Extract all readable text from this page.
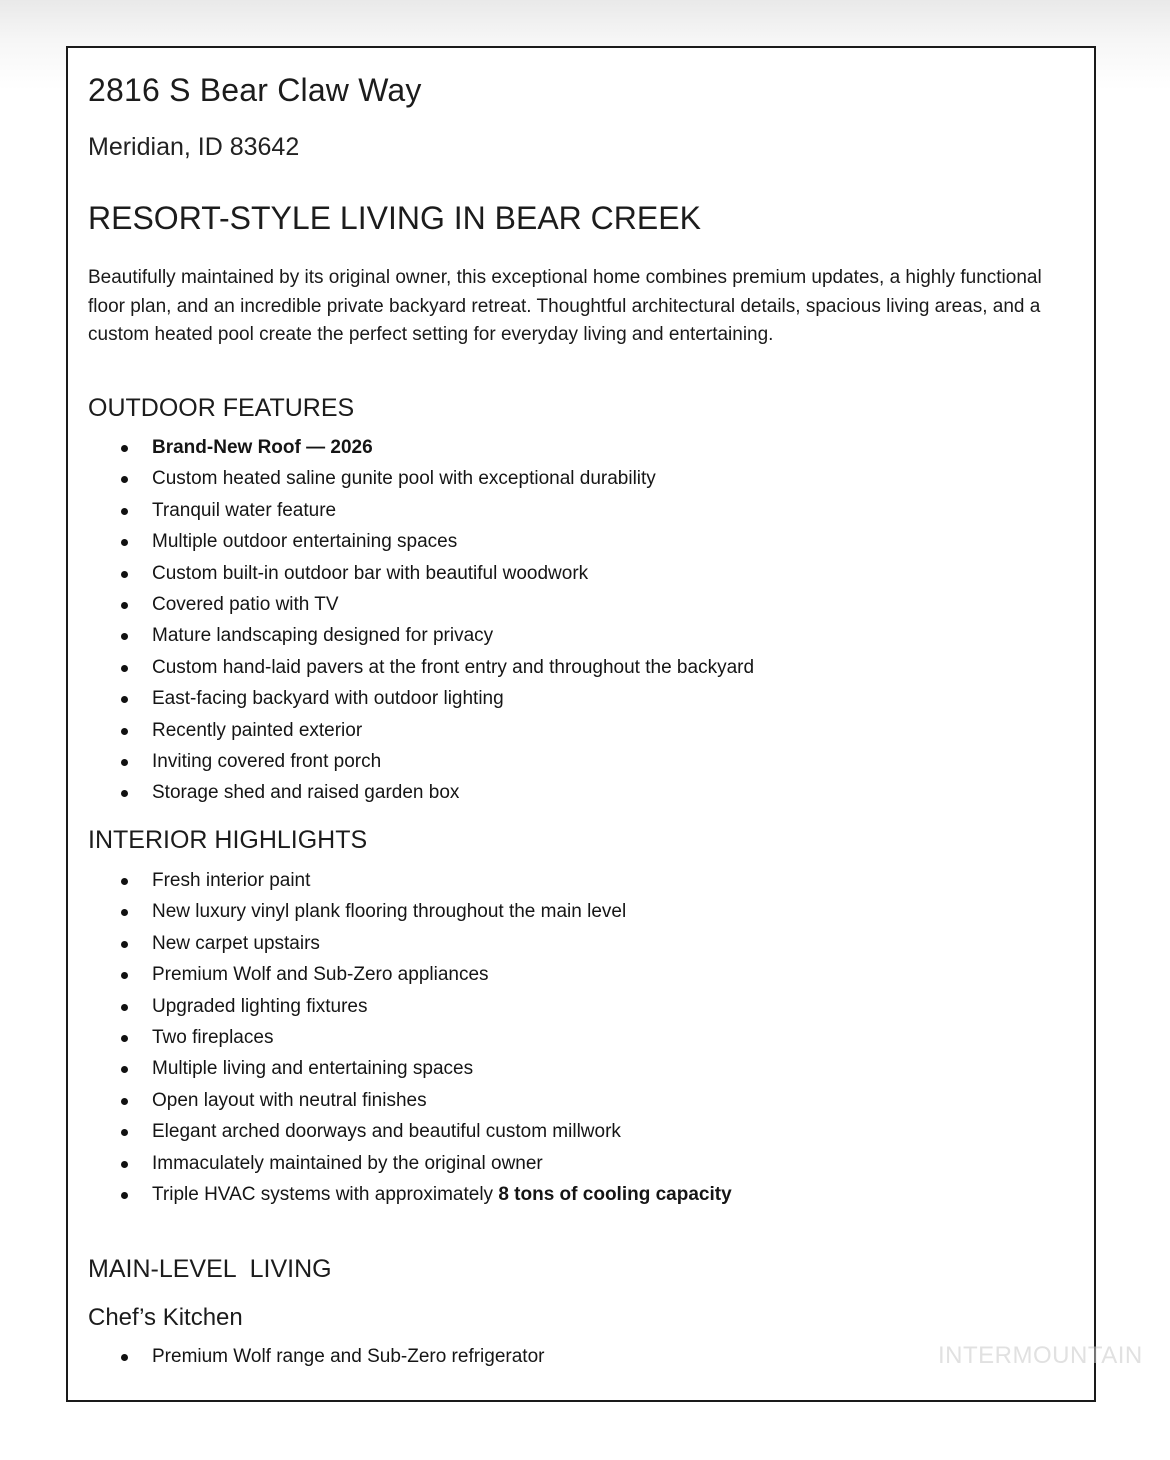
2816 S Bear Claw Way
Meridian, ID 83642
RESORT-STYLE LIVING IN BEAR CREEK
Beautifully maintained by its original owner, this exceptional home combines premium updates, a highly functional floor plan, and an incredible private backyard retreat. Thoughtful architectural details, spacious living areas, and a custom heated pool create the perfect setting for everyday living and entertaining.
OUTDOOR FEATURES
Brand-New Roof — 2026
Custom heated saline gunite pool with exceptional durability
Tranquil water feature
Multiple outdoor entertaining spaces
Custom built-in outdoor bar with beautiful woodwork
Covered patio with TV
Mature landscaping designed for privacy
Custom hand-laid pavers at the front entry and throughout the backyard
East-facing backyard with outdoor lighting
Recently painted exterior
Inviting covered front porch
Storage shed and raised garden box
INTERIOR HIGHLIGHTS
Fresh interior paint
New luxury vinyl plank flooring throughout the main level
New carpet upstairs
Premium Wolf and Sub-Zero appliances
Upgraded lighting fixtures
Two fireplaces
Multiple living and entertaining spaces
Open layout with neutral finishes
Elegant arched doorways and beautiful custom millwork
Immaculately maintained by the original owner
Triple HVAC systems with approximately 8 tons of cooling capacity
MAIN-LEVEL  LIVING
Chef’s Kitchen
Premium Wolf range and Sub-Zero refrigerator	INTERMOUNTAIN
